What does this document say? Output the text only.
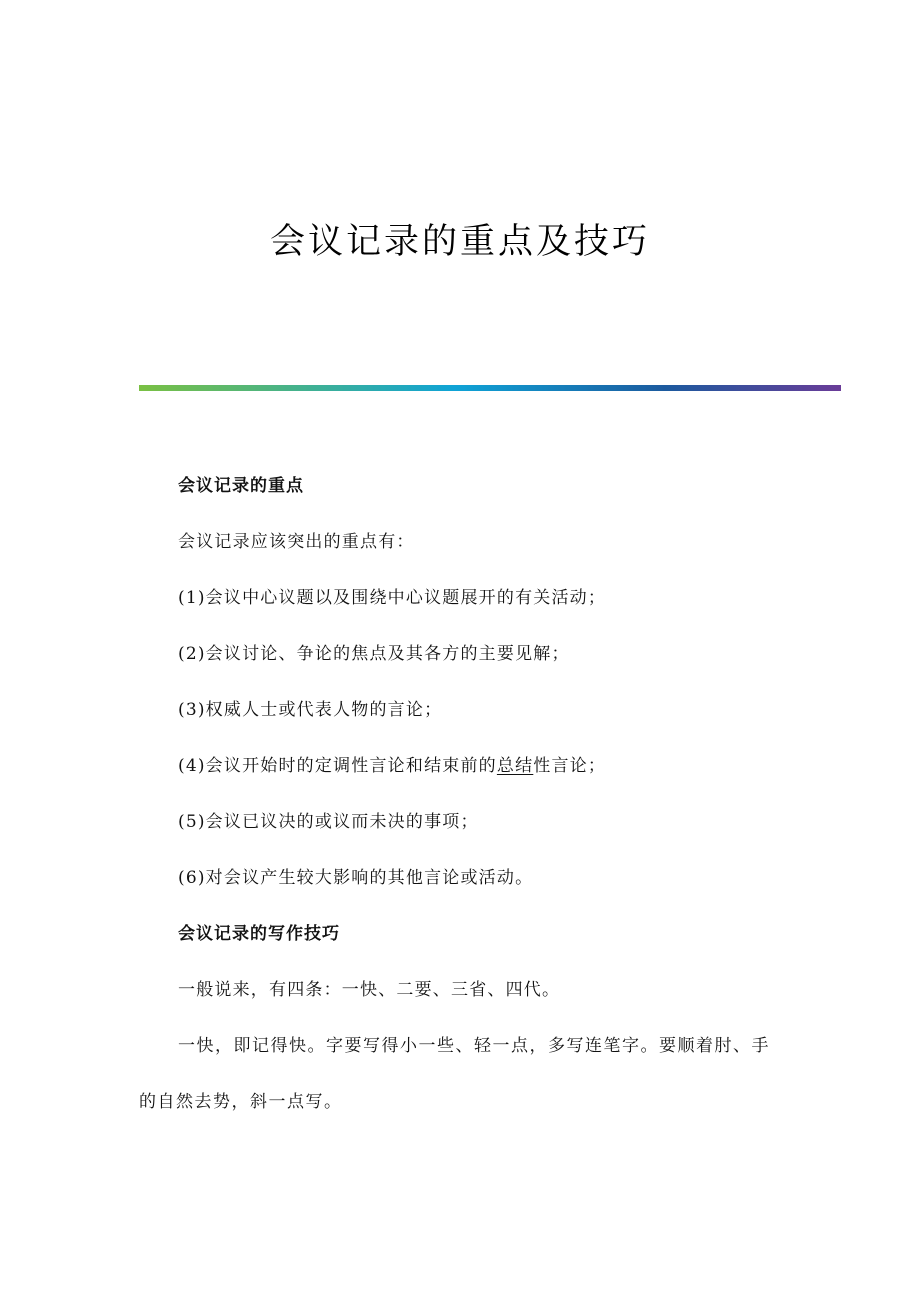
会议记录的重点及技巧

会议记录的重点

会议记录应该突出的重点有：

(1)会议中心议题以及围绕中心议题展开的有关活动；

(2)会议讨论、争论的焦点及其各方的主要见解；

(3)权威人士或代表人物的言论；

(4)会议开始时的定调性言论和结束前的总结性言论；

(5)会议已议决的或议而未决的事项；

(6)对会议产生较大影响的其他言论或活动。

会议记录的写作技巧

一般说来，有四条：一快、二要、三省、四代。

一快，即记得快。字要写得小一些、轻一点，多写连笔字。要顺着肘、手的自然去势，斜一点写。
